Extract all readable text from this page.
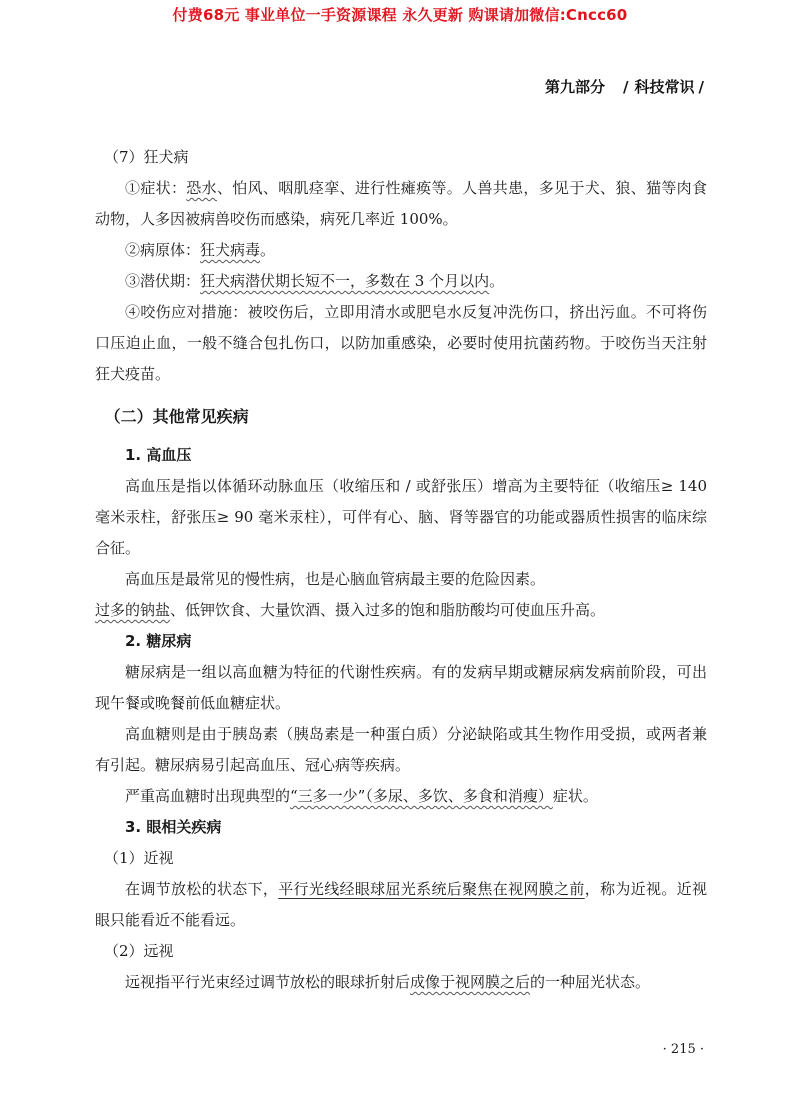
付费68元 事业单位一手资源课程 永久更新 购课请加微信:Cncc60
第九部分 / 科技常识 /

（7）狂犬病

①症状：恐水、怕风、咽肌痉挛、进行性瘫痪等。人兽共患，多见于犬、狼、猫等肉食动物，人多因被病兽咬伤而感染，病死几率近 100%。

②病原体：狂犬病毒。

③潜伏期：狂犬病潜伏期长短不一，多数在 3 个月以内。

④咬伤应对措施：被咬伤后，立即用清水或肥皂水反复冲洗伤口，挤出污血。不可将伤口压迫止血，一般不缝合包扎伤口，以防加重感染，必要时使用抗菌药物。于咬伤当天注射狂犬疫苗。

（二）其他常见疾病

1. 高血压

高血压是指以体循环动脉血压（收缩压和 / 或舒张压）增高为主要特征（收缩压≥ 140 毫米汞柱，舒张压≥ 90 毫米汞柱），可伴有心、脑、肾等器官的功能或器质性损害的临床综合征。

高血压是最常见的慢性病，也是心脑血管病最主要的危险因素。

过多的钠盐、低钾饮食、大量饮酒、摄入过多的饱和脂肪酸均可使血压升高。

2. 糖尿病

糖尿病是一组以高血糖为特征的代谢性疾病。有的发病早期或糖尿病发病前阶段，可出现午餐或晚餐前低血糖症状。

高血糖则是由于胰岛素（胰岛素是一种蛋白质）分泌缺陷或其生物作用受损，或两者兼有引起。糖尿病易引起高血压、冠心病等疾病。

严重高血糖时出现典型的“三多一少”（多尿、多饮、多食和消瘦）症状。

3. 眼相关疾病

（1）近视

在调节放松的状态下，平行光线经眼球屈光系统后聚焦在视网膜之前，称为近视。近视眼只能看近不能看远。

（2）远视

远视指平行光束经过调节放松的眼球折射后成像于视网膜之后的一种屈光状态。

· 215 ·
